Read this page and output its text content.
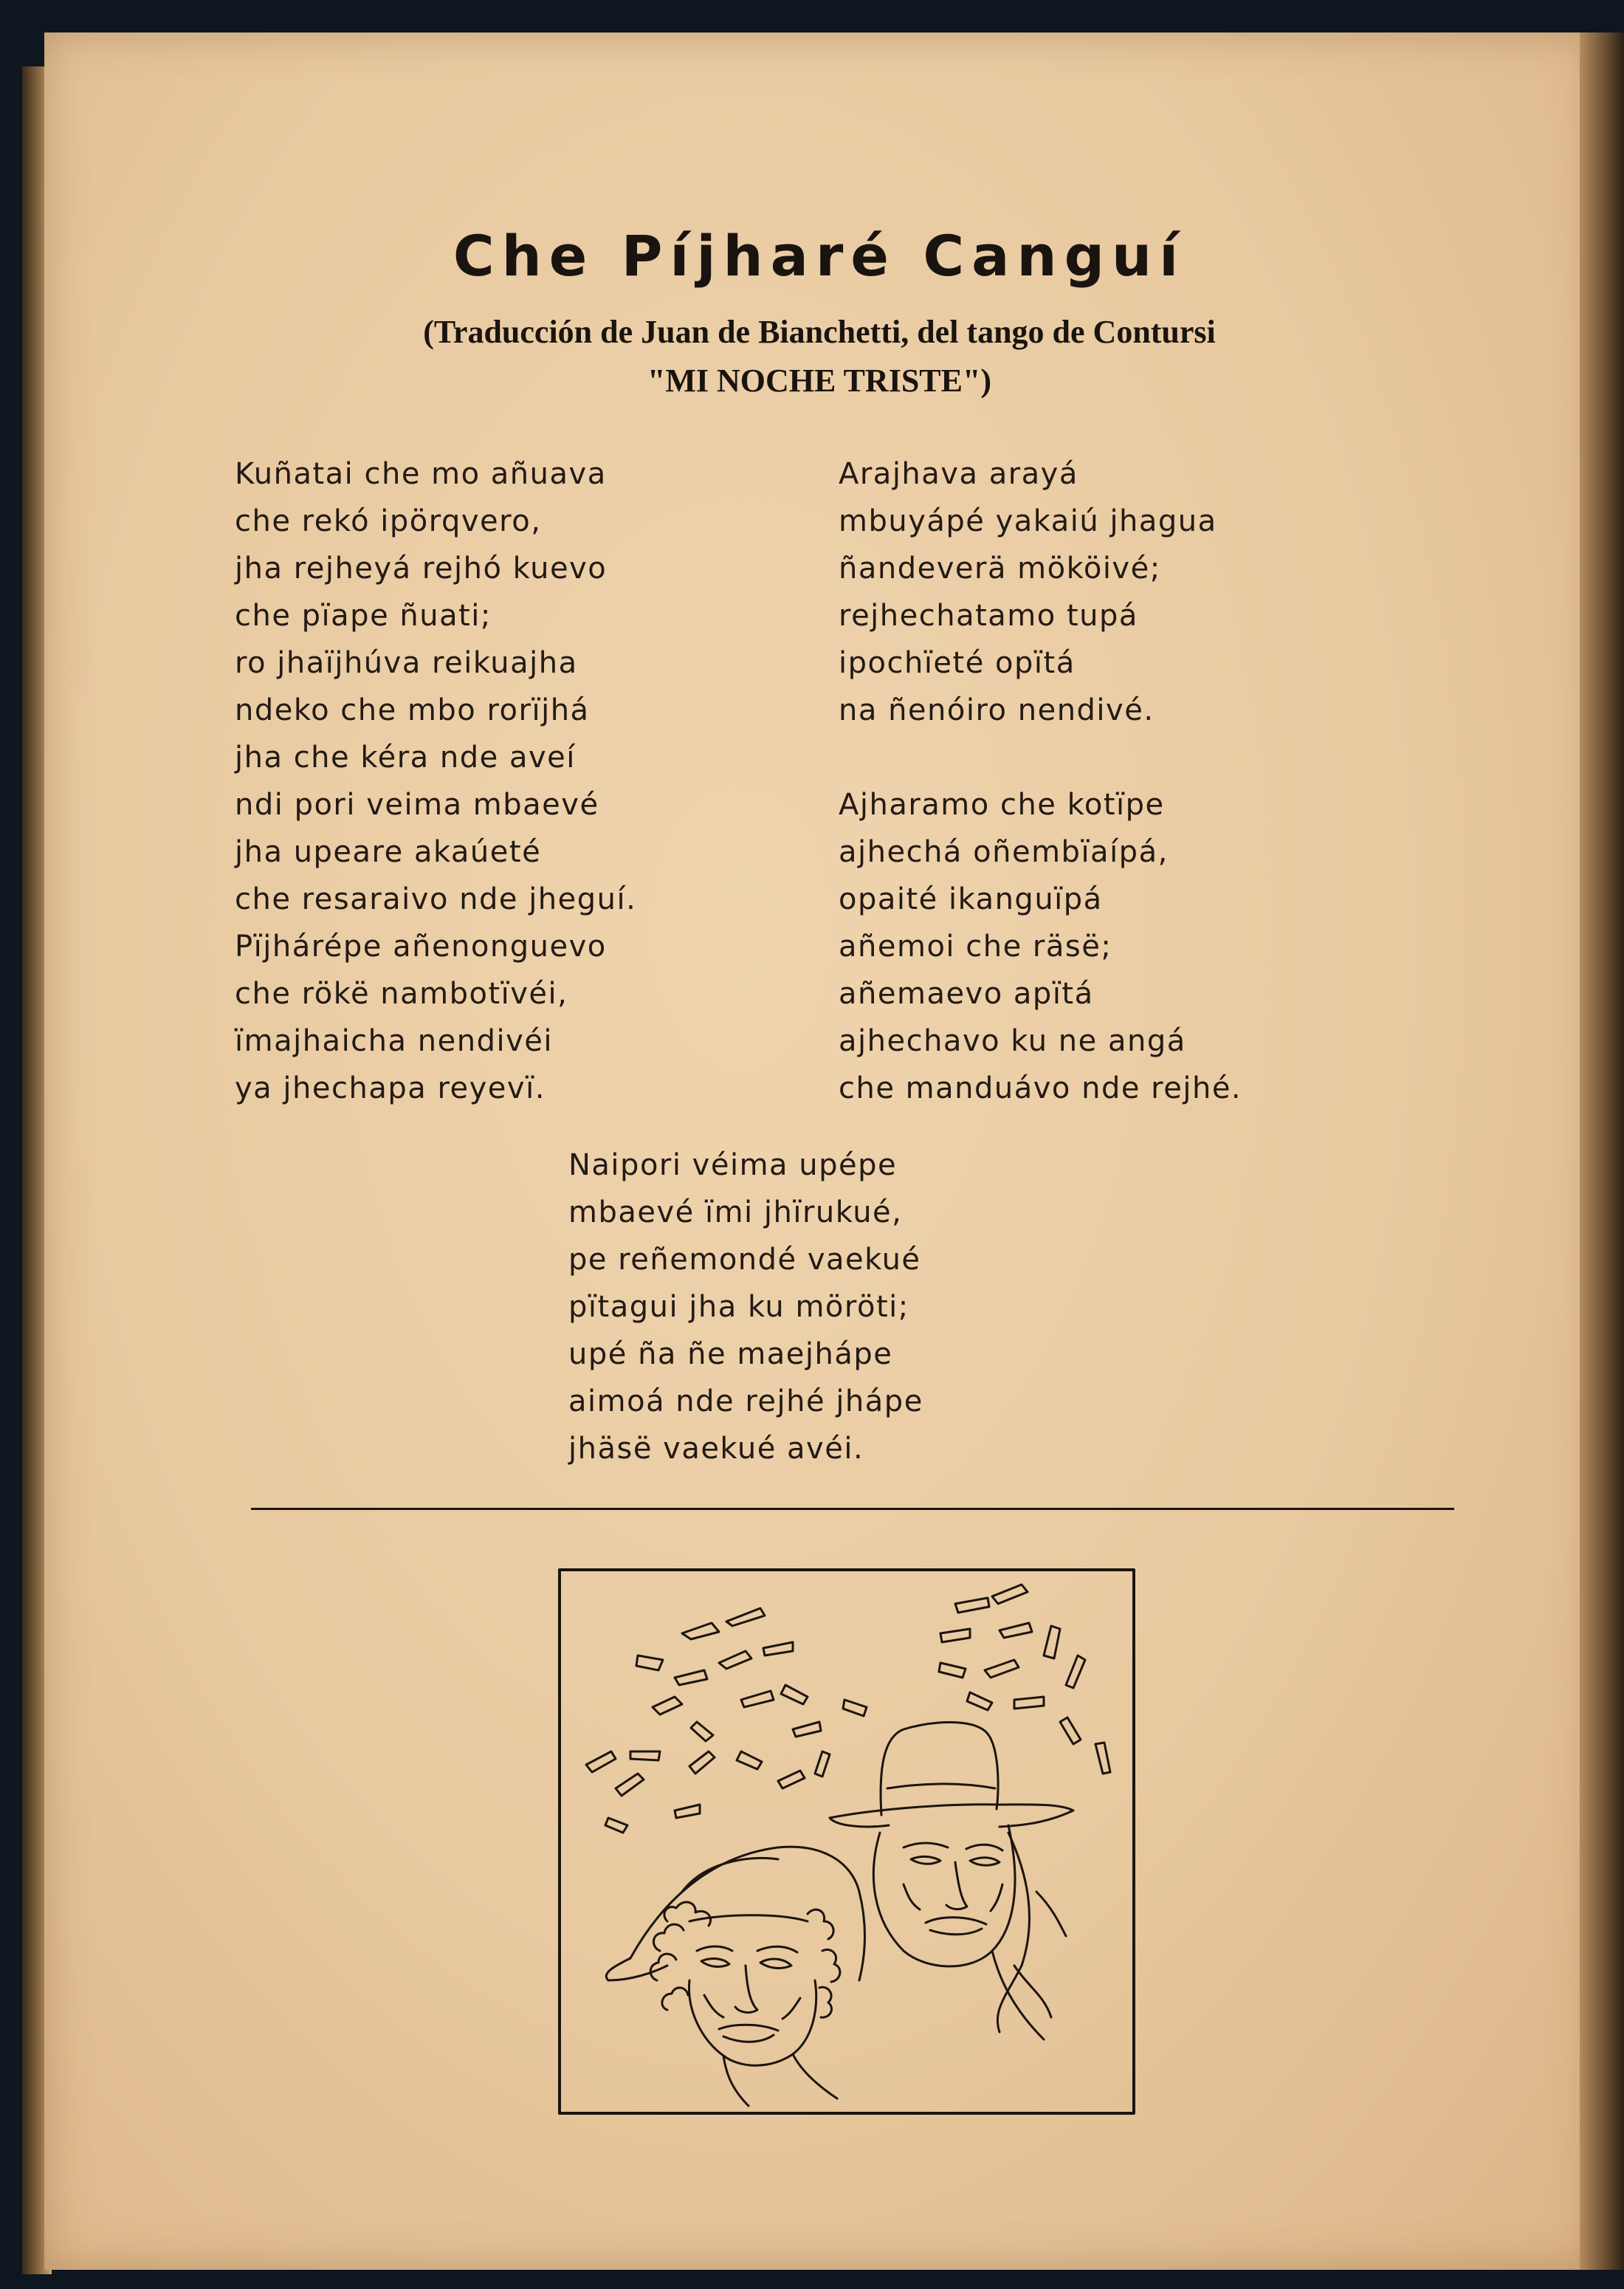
Che Píjharé Canguí
(Traducción de Juan de Bianchetti, del tango de Contursi
"MI NOCHE TRISTE")
Kuñatai che mo añuava
che rekó ipörqvero,
jha rejheyá rejhó kuevo
che pïape ñuati;
ro jhaïjhúva reikuajha
ndeko che mbo rorïjhá
jha che kéra nde aveí
ndi pori veima mbaevé
jha upeare akaúeté
che resaraivo nde jheguí.
Pïjhárépe añenonguevo
che rökë nambotïvéi,
ïmajhaicha nendivéi
ya jhechapa reyevï.
Arajhava arayá
mbuyápé yakaiú jhagua
ñandeverä mököivé;
rejhechatamo tupá
ipochïeté opïtá
na ñenóiro nendivé.
Ajharamo che kotïpe
ajhechá oñembïaípá,
opaité ikanguïpá
añemoi che räsë;
añemaevo apïtá
ajhechavo ku ne angá
che manduávo nde rejhé.
Naipori véima upépe
mbaevé ïmi jhïrukué,
pe reñemondé vaekué
pïtagui jha ku möröti;
upé ña ñe maejhápe
aimoá nde rejhé jhápe
jhäsë vaekué avéi.
